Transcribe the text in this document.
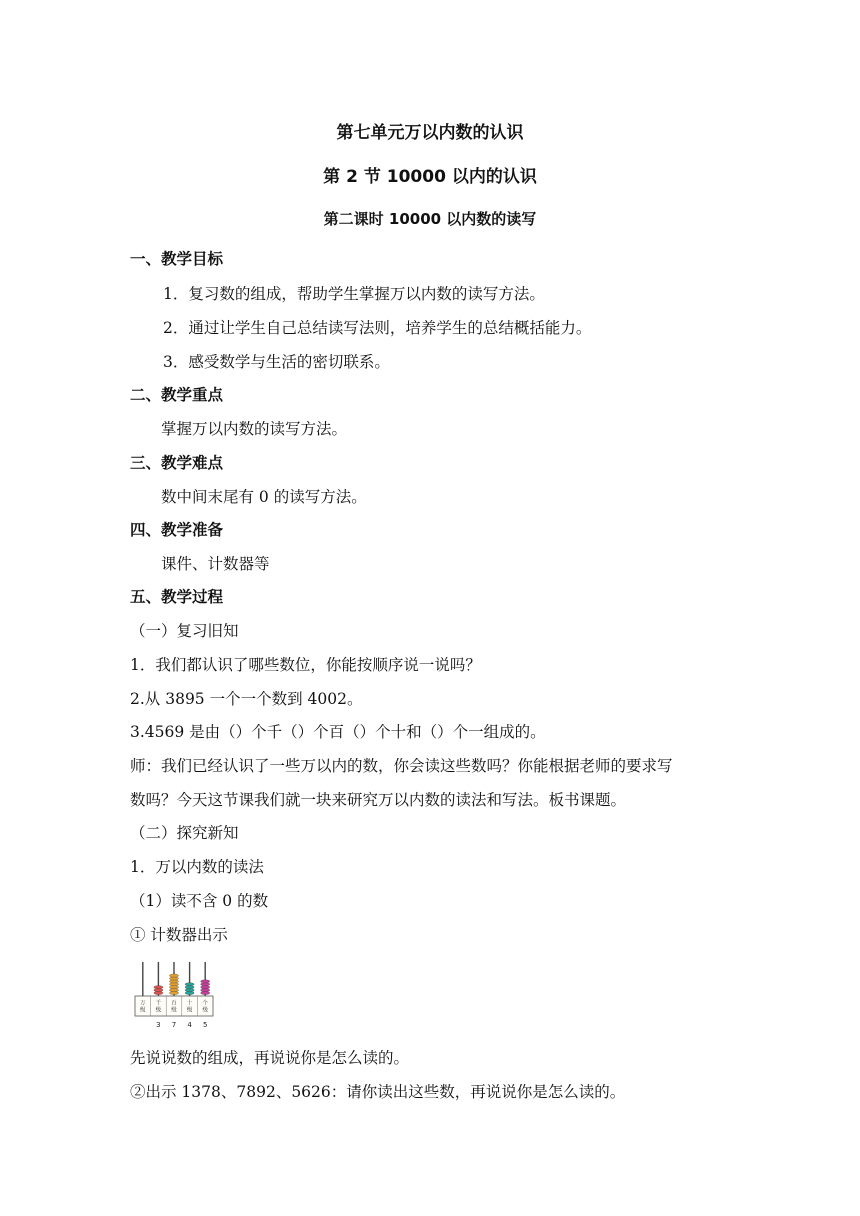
第七单元万以内数的认识
第 2 节 10000 以内的认识
第二课时 10000 以内数的读写
一、教学目标
1．复习数的组成，帮助学生掌握万以内数的读写方法。
2．通过让学生自己总结读写法则，培养学生的总结概括能力。
3．感受数学与生活的密切联系。
二、教学重点
掌握万以内数的读写方法。
三、教学难点
数中间末尾有 0 的读写方法。
四、教学准备
课件、计数器等
五、教学过程
（一）复习旧知
1．我们都认识了哪些数位，你能按顺序说一说吗？
2.从 3895 一个一个数到 4002。
3.4569 是由（）个千（）个百（）个十和（）个一组成的。
师：我们已经认识了一些万以内的数，你会读这些数吗？你能根据老师的要求写
数吗？今天这节课我们就一块来研究万以内数的读法和写法。板书课题。
（二）探究新知
1．万以内数的读法
（1）读不含 0 的数
① 计数器出示
万
级
千
级
百
级
十
级
个
级
3 7 4 5
先说说数的组成，再说说你是怎么读的。
②出示 1378、7892、5626：请你读出这些数，再说说你是怎么读的。
